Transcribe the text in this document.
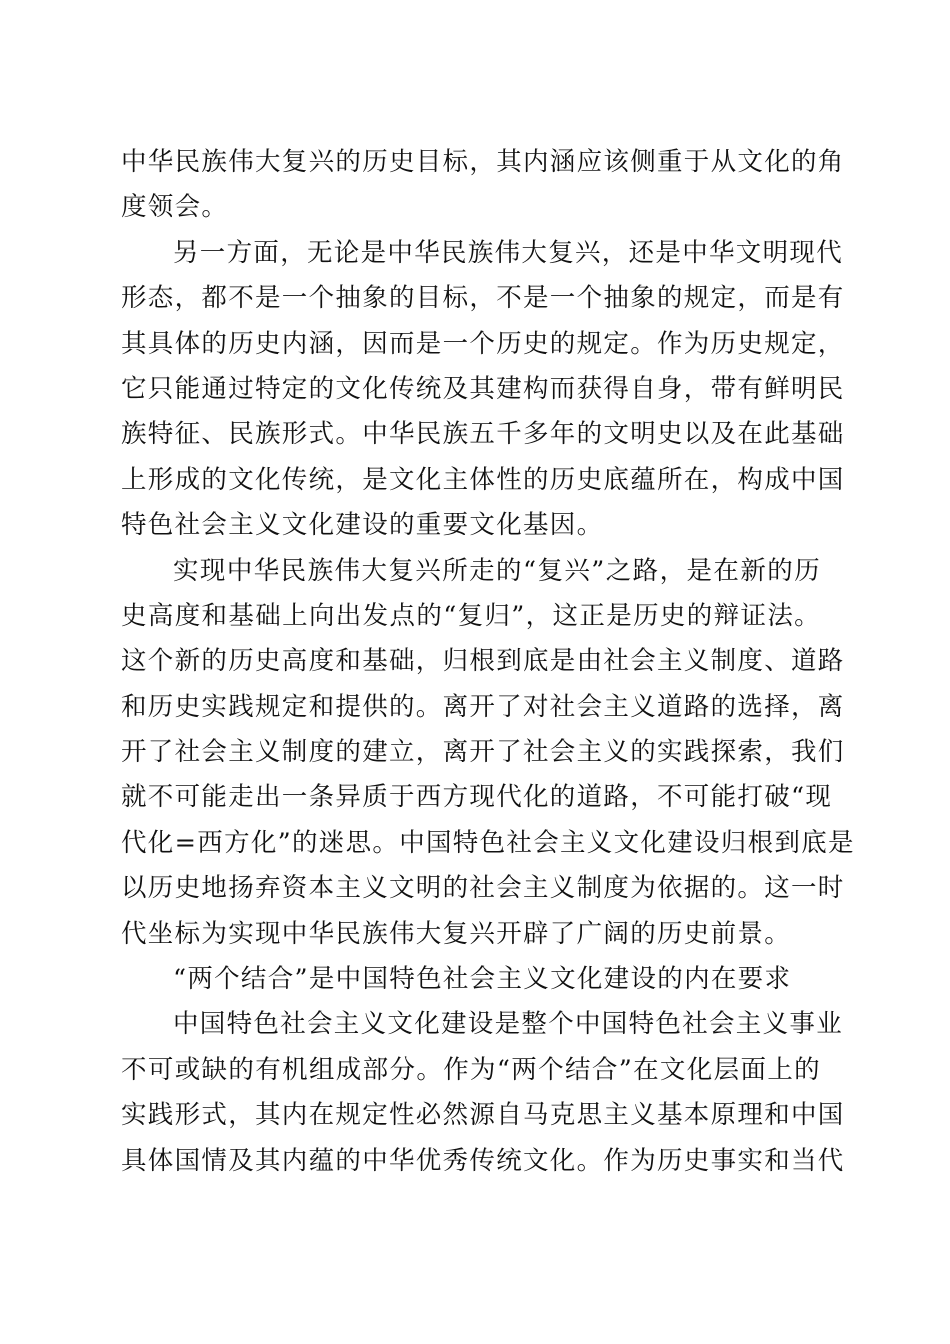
中华民族伟大复兴的历史目标，其内涵应该侧重于从文化的角
度领会。

另一方面，无论是中华民族伟大复兴，还是中华文明现代
形态，都不是一个抽象的目标，不是一个抽象的规定，而是有
其具体的历史内涵，因而是一个历史的规定。作为历史规定，
它只能通过特定的文化传统及其建构而获得自身，带有鲜明民
族特征、民族形式。中华民族五千多年的文明史以及在此基础
上形成的文化传统，是文化主体性的历史底蕴所在，构成中国
特色社会主义文化建设的重要文化基因。

实现中华民族伟大复兴所走的“复兴”之路，是在新的历
史高度和基础上向出发点的“复归”，这正是历史的辩证法。
这个新的历史高度和基础，归根到底是由社会主义制度、道路
和历史实践规定和提供的。离开了对社会主义道路的选择，离
开了社会主义制度的建立，离开了社会主义的实践探索，我们
就不可能走出一条异质于西方现代化的道路，不可能打破“现
代化=西方化”的迷思。中国特色社会主义文化建设归根到底是
以历史地扬弃资本主义文明的社会主义制度为依据的。这一时
代坐标为实现中华民族伟大复兴开辟了广阔的历史前景。

“两个结合”是中国特色社会主义文化建设的内在要求

中国特色社会主义文化建设是整个中国特色社会主义事业
不可或缺的有机组成部分。作为“两个结合”在文化层面上的
实践形式，其内在规定性必然源自马克思主义基本原理和中国
具体国情及其内蕴的中华优秀传统文化。作为历史事实和当代
